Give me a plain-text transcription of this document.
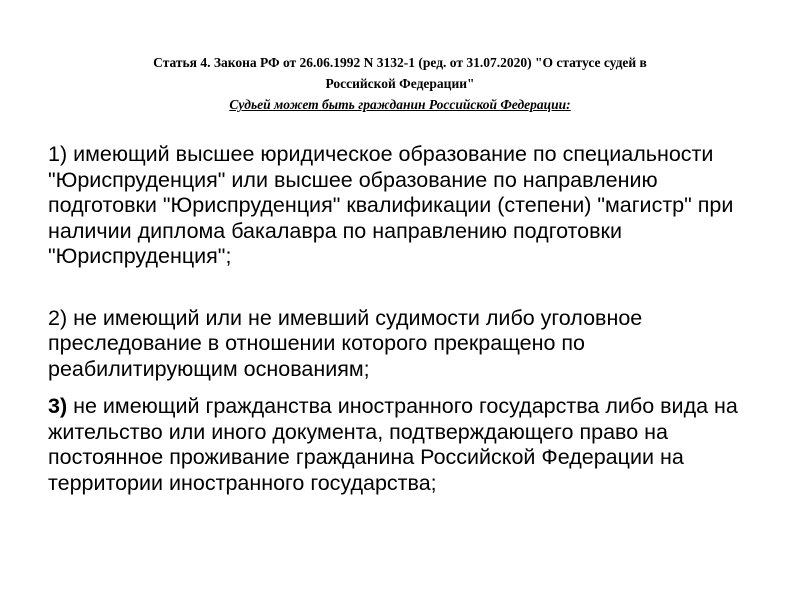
Статья 4. Закона РФ от 26.06.1992 N 3132-1 (ред. от 31.07.2020) "О статусе судей в
Российской Федерации"
Судьей может быть гражданин Российской Федерации:

1) имеющий высшее юридическое образование по специальности "Юриспруденция" или высшее образование по направлению подготовки "Юриспруденция" квалификации (степени) "магистр" при наличии диплома бакалавра по направлению подготовки "Юриспруденция";

2) не имеющий или не имевший судимости либо уголовное преследование в отношении которого прекращено по реабилитирующим основаниям;

3) не имеющий гражданства иностранного государства либо вида на жительство или иного документа, подтверждающего право на постоянное проживание гражданина Российской Федерации на территории иностранного государства;
